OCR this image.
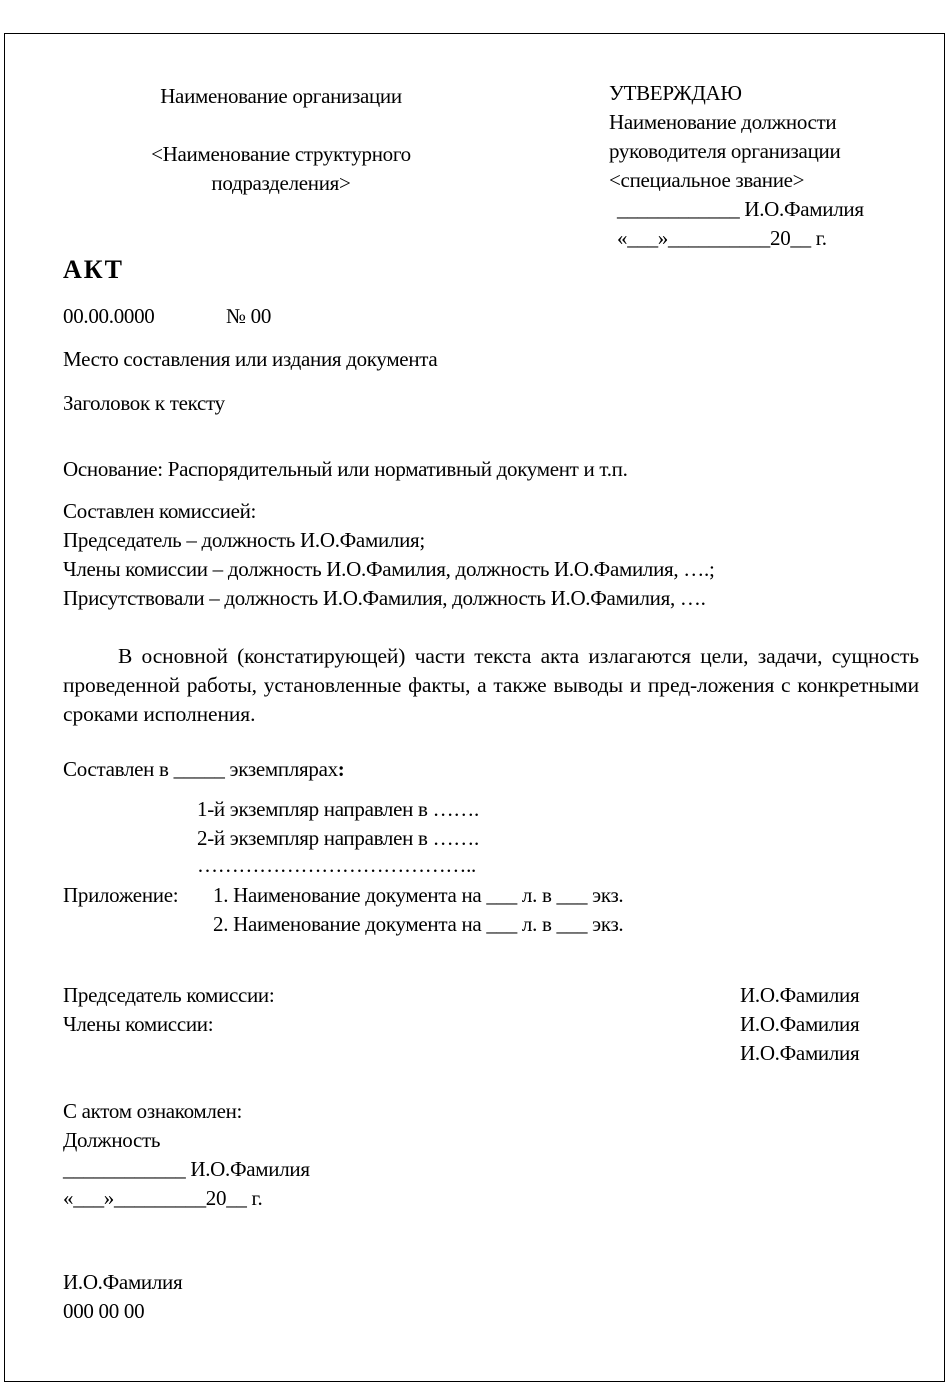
Наименование организации
<Наименование структурного
подразделения>
УТВЕРЖДАЮ
Наименование должности
руководителя организации
<специальное звание>
____________ И.О.Фамилия
«___»__________20__ г.
АКТ
00.00.0000	№ 00
Место составления или издания документа
Заголовок к тексту
Основание: Распорядительный или нормативный документ и т.п.
Составлен комиссией:
Председатель – должность И.О.Фамилия;
Члены комиссии – должность И.О.Фамилия, должность И.О.Фамилия, ….;
Присутствовали – должность И.О.Фамилия, должность И.О.Фамилия, ….
В основной (констатирующей) части текста акта излагаются цели, задачи, сущность проведенной работы, установленные факты, а также выводы и пред-ложения с конкретными сроками исполнения.
Составлен в _____ экземплярах:
1-й экземпляр направлен в …….
2-й экземпляр направлен в …….
…………………………………..
Приложение: 1. Наименование документа на ___ л. в ___ экз.
2. Наименование документа на ___ л. в ___ экз.
Председатель комиссии:
Члены комиссии:
И.О.Фамилия
И.О.Фамилия
И.О.Фамилия
С актом ознакомлен:
Должность
____________ И.О.Фамилия
«___»_________20__ г.
И.О.Фамилия
000 00 00
